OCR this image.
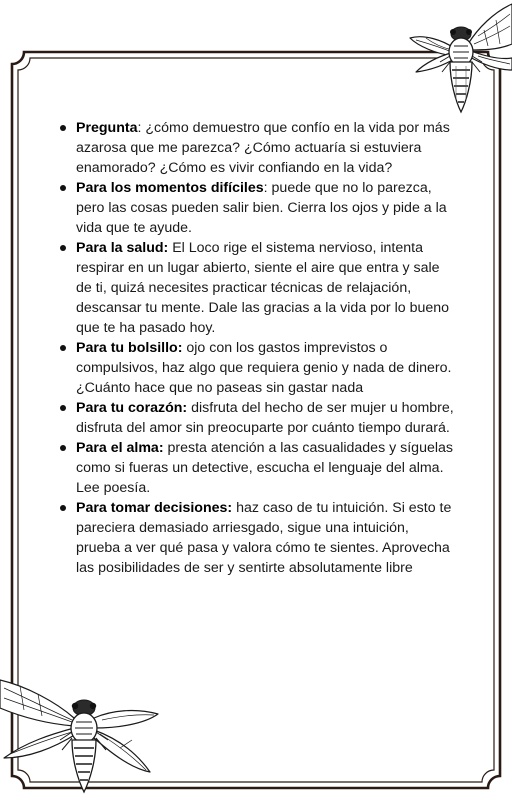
Pregunta: ¿cómo demuestro que confío en la vida por más azarosa que me parezca? ¿Cómo actuaría si estuviera enamorado? ¿Cómo es vivir confiando en la vida?
Para los momentos difíciles: puede que no lo parezca, pero las cosas pueden salir bien. Cierra los ojos y pide a la vida que te ayude.
Para la salud: El Loco rige el sistema nervioso, intenta respirar en un lugar abierto, siente el aire que entra y sale de ti, quizá necesites practicar técnicas de relajación, descansar tu mente. Dale las gracias a la vida por lo bueno que te ha pasado hoy.
Para tu bolsillo: ojo con los gastos imprevistos o compulsivos, haz algo que requiera genio y nada de dinero. ¿Cuánto hace que no paseas sin gastar nada
Para tu corazón: disfruta del hecho de ser mujer u hombre, disfruta del amor sin preocuparte por cuánto tiempo durará.
Para el alma: presta atención a las casualidades y síguelas como si fueras un detective, escucha el lenguaje del alma. Lee poesía.
Para tomar decisiones: haz caso de tu intuición. Si esto te pareciera demasiado arriesgado, sigue una intuición, prueba a ver qué pasa y valora cómo te sientes. Aprovecha las posibilidades de ser y sentirte absolutamente libre
